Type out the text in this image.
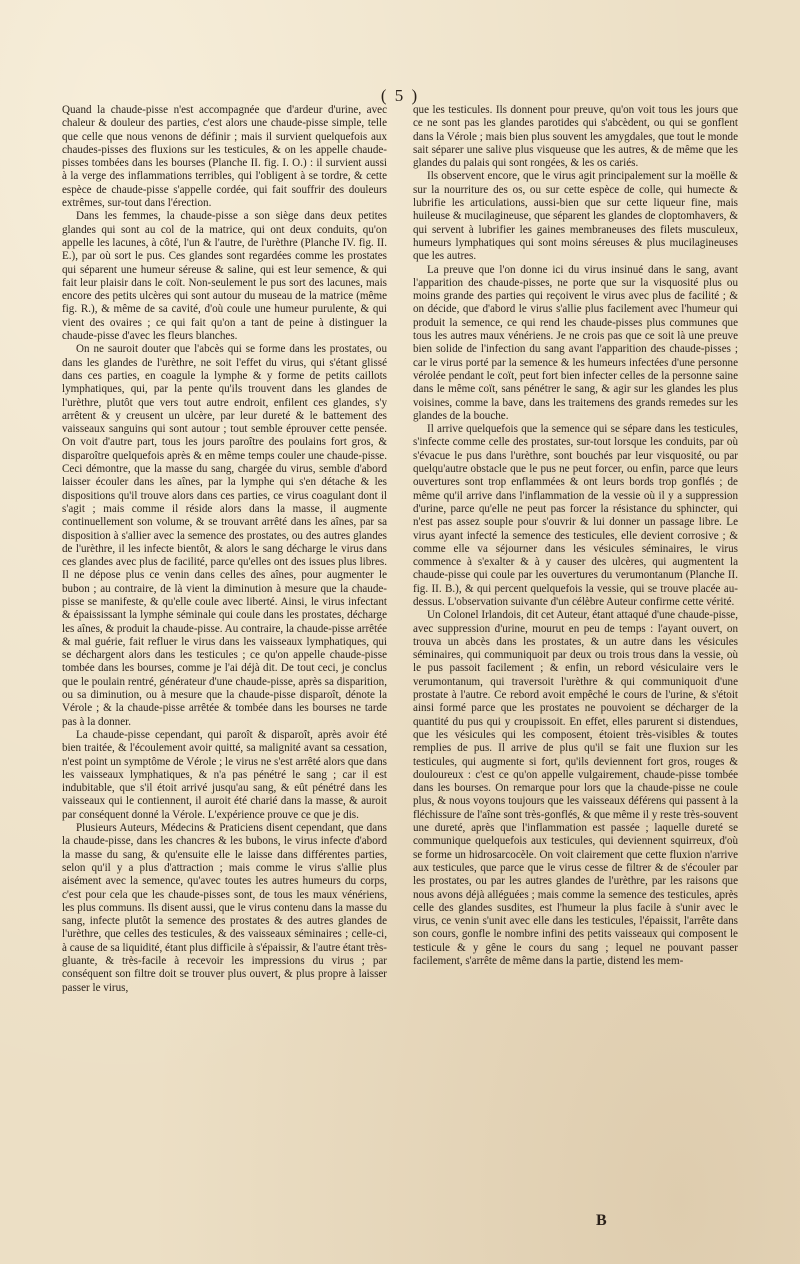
( 5 )

Quand la chaude-pisse n'est accompagnée que d'ardeur d'urine, avec chaleur & douleur des parties, c'est alors une chaude-pisse simple, telle que celle que nous venons de définir ; mais il survient quelquefois aux chaudes-pisses des fluxions sur les testicules, & on les appelle chaude-pisses tombées dans les bourses (Planche II. fig. I. O.) : il survient aussi à la verge des inflammations terribles, qui l'obligent à se tordre, & cette espèce de chaude-pisse s'appelle cordée, qui fait souffrir des douleurs extrêmes, sur-tout dans l'érection.

Dans les femmes, la chaude-pisse a son siège dans deux petites glandes qui sont au col de la matrice, qui ont deux conduits, qu'on appelle les lacunes, à côté, l'un & l'autre, de l'urèthre (Planche IV. fig. II. E.), par où sort le pus. Ces glandes sont regardées comme les prostates qui séparent une humeur séreuse & saline, qui est leur semence, & qui fait leur plaisir dans le coït. Non-seulement le pus sort des lacunes, mais encore des petits ulcères qui sont autour du museau de la matrice (même fig. R.), & même de sa cavité, d'où coule une humeur purulente, & qui vient des ovaires ; ce qui fait qu'on a tant de peine à distinguer la chaude-pisse d'avec les fleurs blanches.

On ne sauroit douter que l'abcès qui se forme dans les prostates, ou dans les glandes de l'urèthre, ne soit l'effet du virus, qui s'étant glissé dans ces parties, en coagule la lymphe & y forme de petits caillots lymphatiques, qui, par la pente qu'ils trouvent dans les glandes de l'urèthre, plutôt que vers tout autre endroit, enfilent ces glandes, s'y arrêtent & y creusent un ulcère, par leur dureté & le battement des vaisseaux sanguins qui sont autour ; tout semble éprouver cette pensée. On voit d'autre part, tous les jours paroître des poulains fort gros, & disparoître quelquefois après & en même temps couler une chaude-pisse. Ceci démontre, que la masse du sang, chargée du virus, semble d'abord laisser écouler dans les aînes, par la lymphe qui s'en détache & les dispositions qu'il trouve alors dans ces parties, ce virus coagulant dont il s'agit ; mais comme il réside alors dans la masse, il augmente continuellement son volume, & se trouvant arrêté dans les aînes, par sa disposition à s'allier avec la semence des prostates, ou des autres glandes de l'urèthre, il les infecte bientôt, & alors le sang décharge le virus dans ces glandes avec plus de facilité, parce qu'elles ont des issues plus libres. Il ne dépose plus ce venin dans celles des aînes, pour augmenter le bubon ; au contraire, de là vient la diminution à mesure que la chaude-pisse se manifeste, & qu'elle coule avec liberté. Ainsi, le virus infectant & épaississant la lymphe séminale qui coule dans les prostates, décharge les aînes, & produit la chaude-pisse. Au contraire, la chaude-pisse arrêtée & mal guérie, fait refluer le virus dans les vaisseaux lymphatiques, qui se déchargent alors dans les testicules ; ce qu'on appelle chaude-pisse tombée dans les bourses, comme je l'ai déjà dit. De tout ceci, je conclus que le poulain rentré, générateur d'une chaude-pisse, après sa disparition, ou sa diminution, ou à mesure que la chaude-pisse disparoît, dénote la Vérole ; & la chaude-pisse arrêtée & tombée dans les bourses ne tarde pas à la donner.

La chaude-pisse cependant, qui paroît & disparoît, après avoir été bien traitée, & l'écoulement avoir quitté, sa malignité avant sa cessation, n'est point un symptôme de Vérole ; le virus ne s'est arrêté alors que dans les vaisseaux lymphatiques, & n'a pas pénétré le sang ; car il est indubitable, que s'il étoit arrivé jusqu'au sang, & eût pénétré dans les vaisseaux qui le contiennent, il auroit été charié dans la masse, & auroit par conséquent donné la Vérole. L'expérience prouve ce que je dis.

Plusieurs Auteurs, Médecins & Praticiens disent cependant, que dans la chaude-pisse, dans les chancres & les bubons, le virus infecte d'abord la masse du sang, & qu'ensuite elle le laisse dans différentes parties, selon qu'il y a plus d'attraction ; mais comme le virus s'allie plus aisément avec la semence, qu'avec toutes les autres humeurs du corps, c'est pour cela que les chaude-pisses sont, de tous les maux vénériens, les plus communs. Ils disent aussi, que le virus contenu dans la masse du sang, infecte plutôt la semence des prostates & des autres glandes de l'urèthre, que celles des testicules, & des vaisseaux séminaires ; celle-ci, à cause de sa liquidité, étant plus difficile à s'épaissir, & l'autre étant très-gluante, & très-facile à recevoir les impressions du virus ; par conséquent son filtre doit se trouver plus ouvert, & plus propre à laisser passer le virus,

que les testicules. Ils donnent pour preuve, qu'on voit tous les jours que ce ne sont pas les glandes parotides qui s'abcèdent, ou qui se gonflent dans la Vérole ; mais bien plus souvent les amygdales, que tout le monde sait séparer une salive plus visqueuse que les autres, & de même que les glandes du palais qui sont rongées, & les os cariés.

Ils observent encore, que le virus agit principalement sur la moëlle & sur la nourriture des os, ou sur cette espèce de colle, qui humecte & lubrifie les articulations, aussi-bien que sur cette liqueur fine, mais huileuse & mucilagineuse, que séparent les glandes de cloptomhavers, & qui servent à lubrifier les gaines membraneuses des filets musculeux, humeurs lymphatiques qui sont moins séreuses & plus mucilagineuses que les autres.

La preuve que l'on donne ici du virus insinué dans le sang, avant l'apparition des chaude-pisses, ne porte que sur la visquosité plus ou moins grande des parties qui reçoivent le virus avec plus de facilité ; & on décide, que d'abord le virus s'allie plus facilement avec l'humeur qui produit la semence, ce qui rend les chaude-pisses plus communes que tous les autres maux vénériens. Je ne crois pas que ce soit là une preuve bien solide de l'infection du sang avant l'apparition des chaude-pisses ; car le virus porté par la semence & les humeurs infectées d'une personne vérolée pendant le coït, peut fort bien infecter celles de la personne saine dans le même coït, sans pénétrer le sang, & agir sur les glandes les plus voisines, comme la bave, dans les traitemens des grands remedes sur les glandes de la bouche.

Il arrive quelquefois que la semence qui se sépare dans les testicules, s'infecte comme celle des prostates, sur-tout lorsque les conduits, par où s'évacue le pus dans l'urèthre, sont bouchés par leur visquosité, ou par quelqu'autre obstacle que le pus ne peut forcer, ou enfin, parce que leurs ouvertures sont trop enflammées & ont leurs bords trop gonflés ; de même qu'il arrive dans l'inflammation de la vessie où il y a suppression d'urine, parce qu'elle ne peut pas forcer la résistance du sphincter, qui n'est pas assez souple pour s'ouvrir & lui donner un passage libre. Le virus ayant infecté la semence des testicules, elle devient corrosive ; & comme elle va séjourner dans les vésicules séminaires, le virus commence à s'exalter & à y causer des ulcères, qui augmentent la chaude-pisse qui coule par les ouvertures du verumontanum (Planche II. fig. II. B.), & qui percent quelquefois la vessie, qui se trouve placée au-dessus. L'observation suivante d'un célèbre Auteur confirme cette vérité.

Un Colonel Irlandois, dit cet Auteur, étant attaqué d'une chaude-pisse, avec suppression d'urine, mourut en peu de temps : l'ayant ouvert, on trouva un abcès dans les prostates, & un autre dans les vésicules séminaires, qui communiquoit par deux ou trois trous dans la vessie, où le pus passoit facilement ; & enfin, un rebord vésiculaire vers le verumontanum, qui traversoit l'urèthre & qui communiquoit d'une prostate à l'autre. Ce rebord avoit empêché le cours de l'urine, & s'étoit ainsi formé parce que les prostates ne pouvoient se décharger de la quantité du pus qui y croupissoit. En effet, elles parurent si distendues, que les vésicules qui les composent, étoient très-visibles & toutes remplies de pus. Il arrive de plus qu'il se fait une fluxion sur les testicules, qui augmente si fort, qu'ils deviennent fort gros, rouges & douloureux : c'est ce qu'on appelle vulgairement, chaude-pisse tombée dans les bourses. On remarque pour lors que la chaude-pisse ne coule plus, & nous voyons toujours que les vaisseaux déférens qui passent à la fléchissure de l'aîne sont très-gonflés, & que même il y reste très-souvent une dureté, après que l'inflammation est passée ; laquelle dureté se communique quelquefois aux testicules, qui deviennent squirreux, d'où se forme un hidrosarcocèle. On voit clairement que cette fluxion n'arrive aux testicules, que parce que le virus cesse de filtrer & de s'écouler par les prostates, ou par les autres glandes de l'urèthre, par les raisons que nous avons déjà alléguées ; mais comme la semence des testicules, après celle des glandes susdites, est l'humeur la plus facile à s'unir avec le virus, ce venin s'unit avec elle dans les testicules, l'épaissit, l'arrête dans son cours, gonfle le nombre infini des petits vaisseaux qui composent le testicule & y gêne le cours du sang ; lequel ne pouvant passer facilement, s'arrête de même dans la partie, distend les mem-

B
